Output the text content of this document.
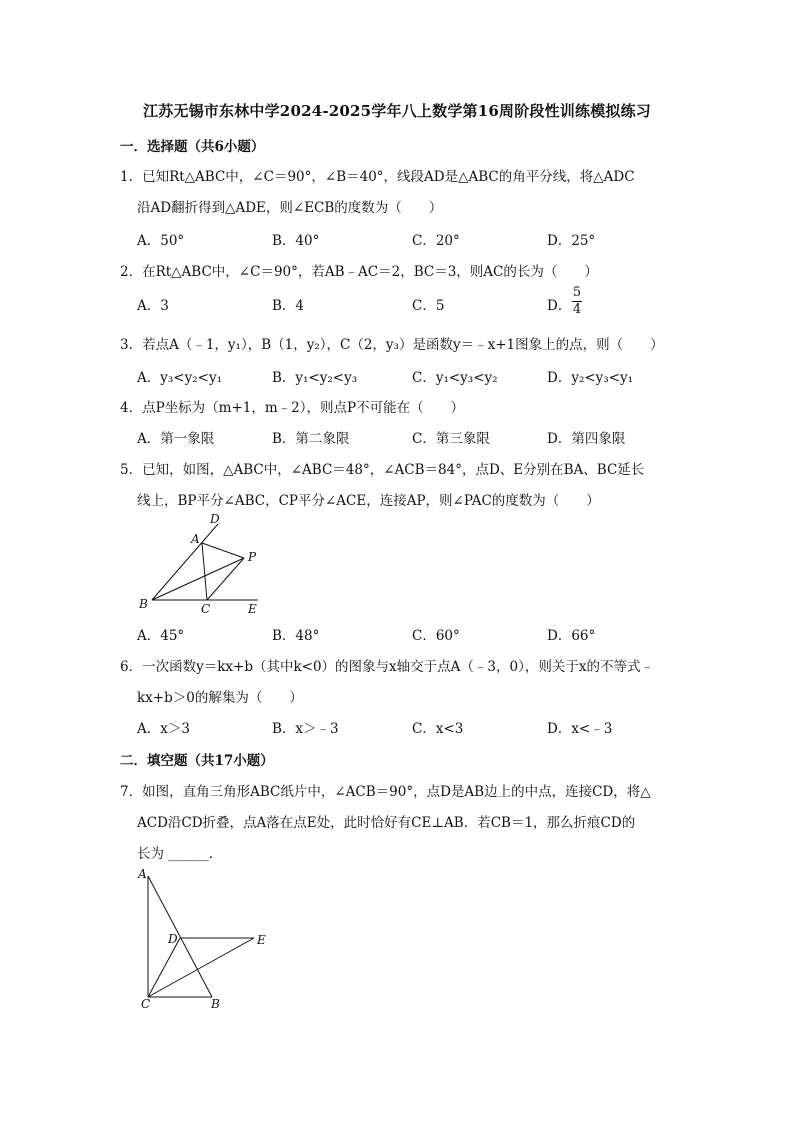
江苏无锡市东林中学2024-2025学年八上数学第16周阶段性训练模拟练习
一．选择题（共6小题）
1．已知Rt△ABC中，∠C＝90°，∠B＝40°，线段AD是△ABC的角平分线，将△ADC
沿AD翻折得到△ADE，则∠ECB的度数为（　　）
A．50°	B．40°	C．20°	D．25°
2．在Rt△ABC中，∠C＝90°，若AB﹣AC＝2，BC＝3，则AC的长为（　　）
A．3	B．4	C．5	D．
5
4
3．若点A（﹣1，y₁），B（1，y₂），C（2，y₃）是函数y＝﹣x+1图象上的点，则（　　）
A．y₃<y₂<y₁	B．y₁<y₂<y₃	C．y₁<y₃<y₂	D．y₂<y₃<y₁
4．点P坐标为（m+1，m﹣2），则点P不可能在（　　）
A．第一象限	B．第二象限	C．第三象限	D．第四象限
5．已知，如图，△ABC中，∠ABC＝48°，∠ACB＝84°，点D、E分别在BA、BC延长
线上，BP平分∠ABC，CP平分∠ACE，连接AP，则∠PAC的度数为（　　）
D
A
P
B	C	E
A．45°	B．48°	C．60°	D．66°
6．一次函数y＝kx+b（其中k<0）的图象与x轴交于点A（﹣3，0），则关于x的不等式﹣
kx+b＞0的解集为（　　）
A．x＞3	B．x＞﹣3	C．x<3	D．x<﹣3
二．填空题（共17小题）
7．如图，直角三角形ABC纸片中，∠ACB＝90°，点D是AB边上的中点，连接CD，将△
ACD沿CD折叠，点A落在点E处，此时恰好有CE⊥AB．若CB＝1，那么折痕CD的
长为 ______．
A
D	E
C	B
